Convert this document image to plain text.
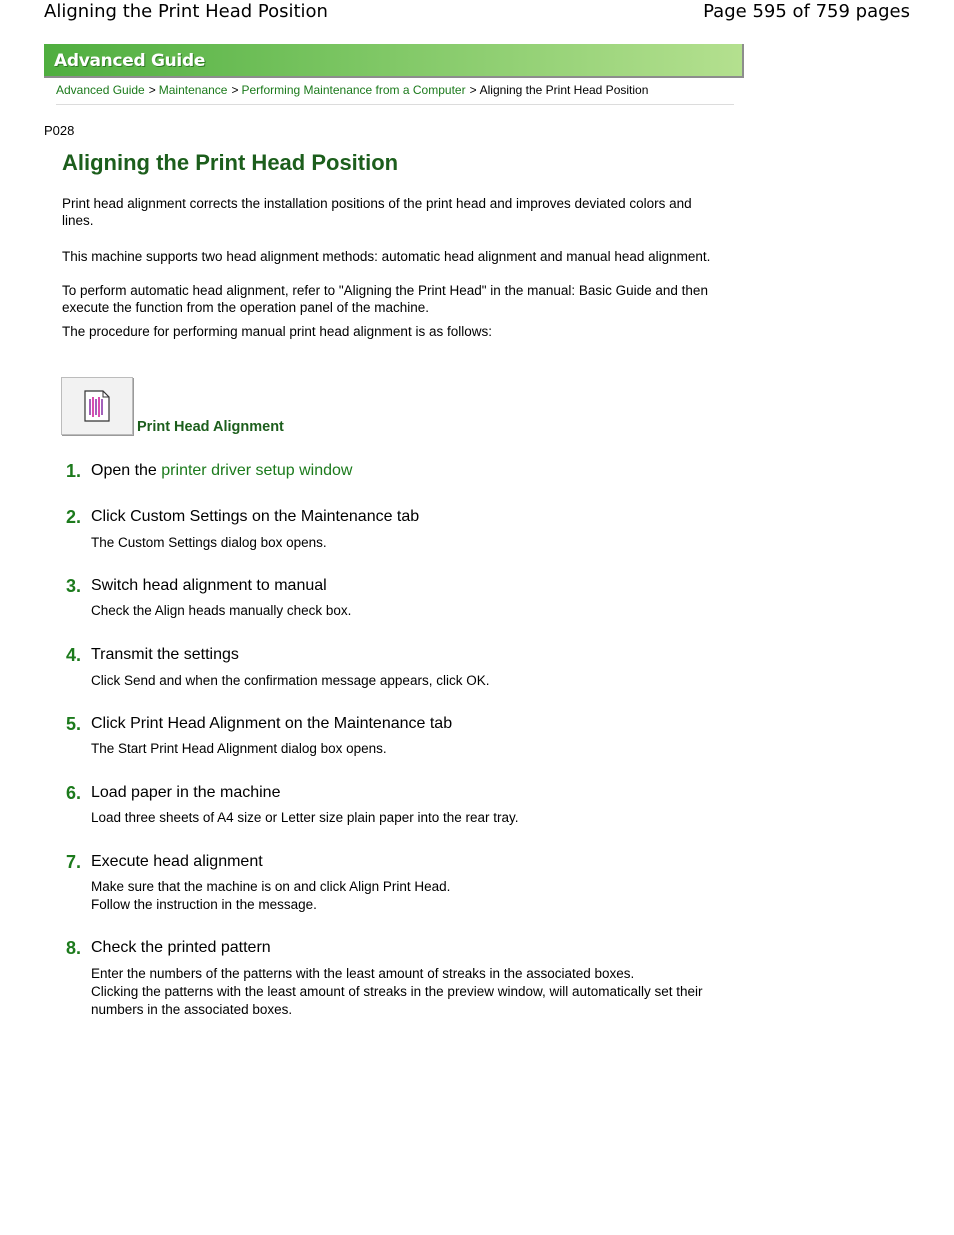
Aligning the Print Head Position	Page 595 of 759 pages
Advanced Guide
Advanced Guide > Maintenance > Performing Maintenance from a Computer > Aligning the Print Head Position
P028
Aligning the Print Head Position

Print head alignment corrects the installation positions of the print head and improves deviated colors and lines.

This machine supports two head alignment methods: automatic head alignment and manual head alignment.

To perform automatic head alignment, refer to "Aligning the Print Head" in the manual: Basic Guide and then execute the function from the operation panel of the machine.

The procedure for performing manual print head alignment is as follows:

Print Head Alignment
1. Open the printer driver setup window
2. Click Custom Settings on the Maintenance tab
The Custom Settings dialog box opens.
3. Switch head alignment to manual
Check the Align heads manually check box.
4. Transmit the settings
Click Send and when the confirmation message appears, click OK.
5. Click Print Head Alignment on the Maintenance tab
The Start Print Head Alignment dialog box opens.
6. Load paper in the machine
Load three sheets of A4 size or Letter size plain paper into the rear tray.
7. Execute head alignment
Make sure that the machine is on and click Align Print Head.
Follow the instruction in the message.
8. Check the printed pattern
Enter the numbers of the patterns with the least amount of streaks in the associated boxes.
Clicking the patterns with the least amount of streaks in the preview window, will automatically set their numbers in the associated boxes.
